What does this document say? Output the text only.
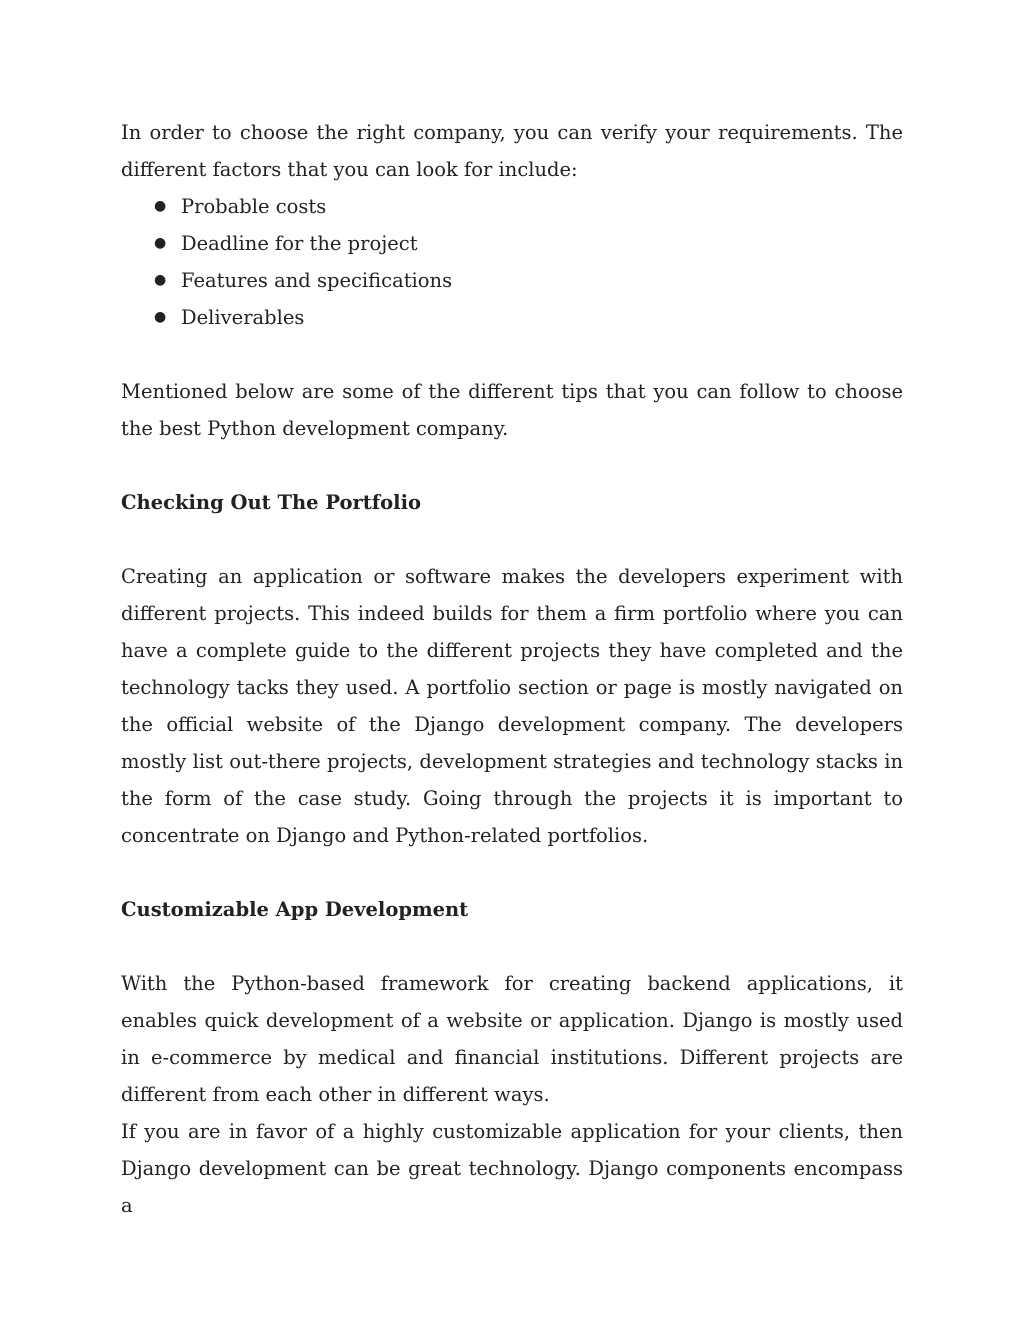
In order to choose the right company, you can verify your requirements. The different factors that you can look for include:

● Probable costs
● Deadline for the project
● Features and specifications
● Deliverables

Mentioned below are some of the different tips that you can follow to choose the best Python development company.

Checking Out The Portfolio

Creating an application or software makes the developers experiment with different projects. This indeed builds for them a firm portfolio where you can have a complete guide to the different projects they have completed and the technology tacks they used. A portfolio section or page is mostly navigated on the official website of the Django development company. The developers mostly list out-there projects, development strategies and technology stacks in the form of the case study. Going through the projects it is important to concentrate on Django and Python-related portfolios.

Customizable App Development

With the Python-based framework for creating backend applications, it enables quick development of a website or application. Django is mostly used in e-commerce by medical and financial institutions. Different projects are different from each other in different ways.

If you are in favor of a highly customizable application for your clients, then Django development can be great technology. Django components encompass a
